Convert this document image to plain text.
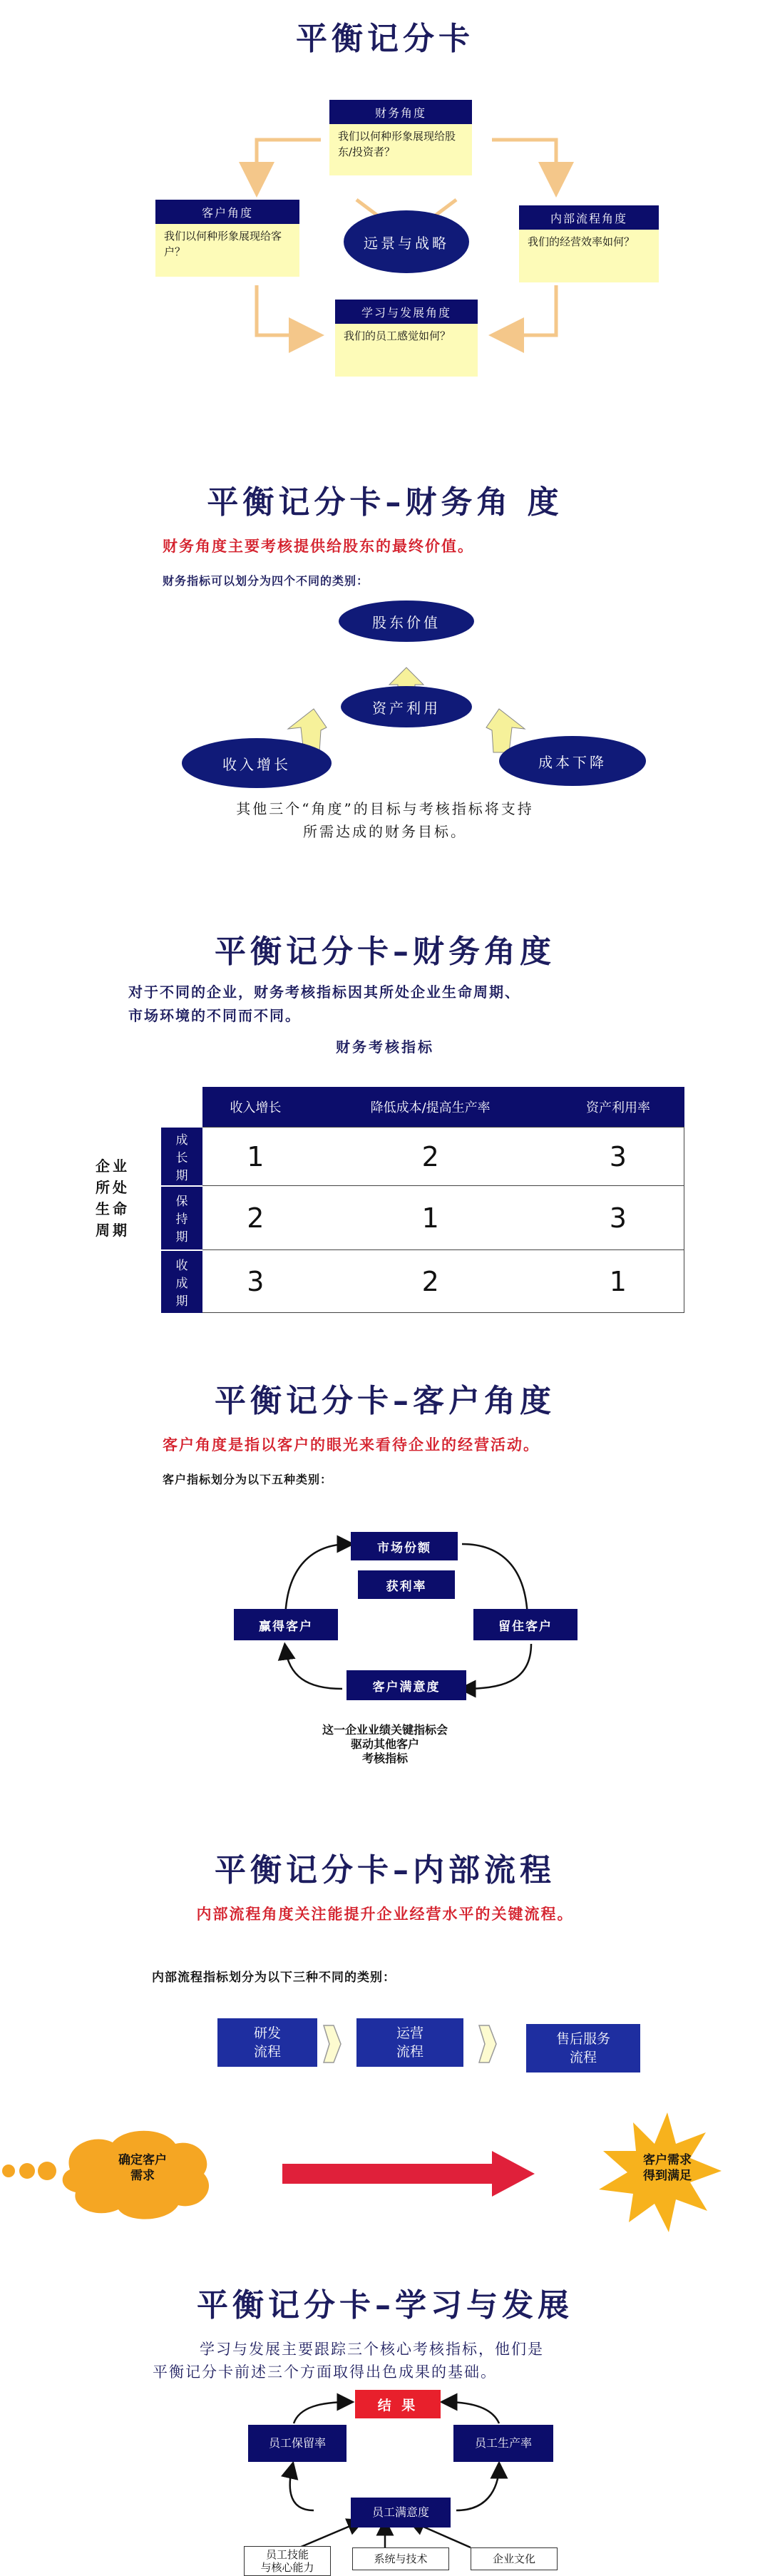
平衡记分卡
财务角度
我们以何种形象展现给股东/投资者？
客户角度
我们以何种形象展现给客户？
内部流程角度
我们的经营效率如何？
学习与发展角度
我们的员工感觉如何？
远景与战略
平衡记分卡–财务角 度
财务角度主要考核提供给股东的最终价值。
财务指标可以划分为四个不同的类别：
股东价值
资产利用
收入增长	成本下降
其他三个“角度”的目标与考核指标将支持
所需达成的财务目标。
平衡记分卡–财务角度
对于不同的企业，财务考核指标因其所处企业生命周期、
市场环境的不同而不同。
财务考核指标
企业所处生命周期
	收入增长	降低成本/提高生产率	资产利用率
成长期	1	2	3
保持期	2	1	3
收成期	3	2	1
平衡记分卡–客户角度
客户角度是指以客户的眼光来看待企业的经营活动。
客户指标划分为以下五种类别：
市场份额
获利率
赢得客户	留住客户
客户满意度
这一企业业绩关键指标会
驱动其他客户
考核指标
平衡记分卡–内部流程
内部流程角度关注能提升企业经营水平的关键流程。
内部流程指标划分为以下三种不同的类别：
研发
流程
运营
流程
售后服务
流程
确定客户
需求
客户需求
得到满足
平衡记分卡–学习与发展
学习与发展主要跟踪三个核心考核指标，他们是
平衡记分卡前述三个方面取得出色成果的基础。
结 果
员工保留率	员工生产率
员工满意度
员工技能
与核心能力
系统与技术	企业文化
